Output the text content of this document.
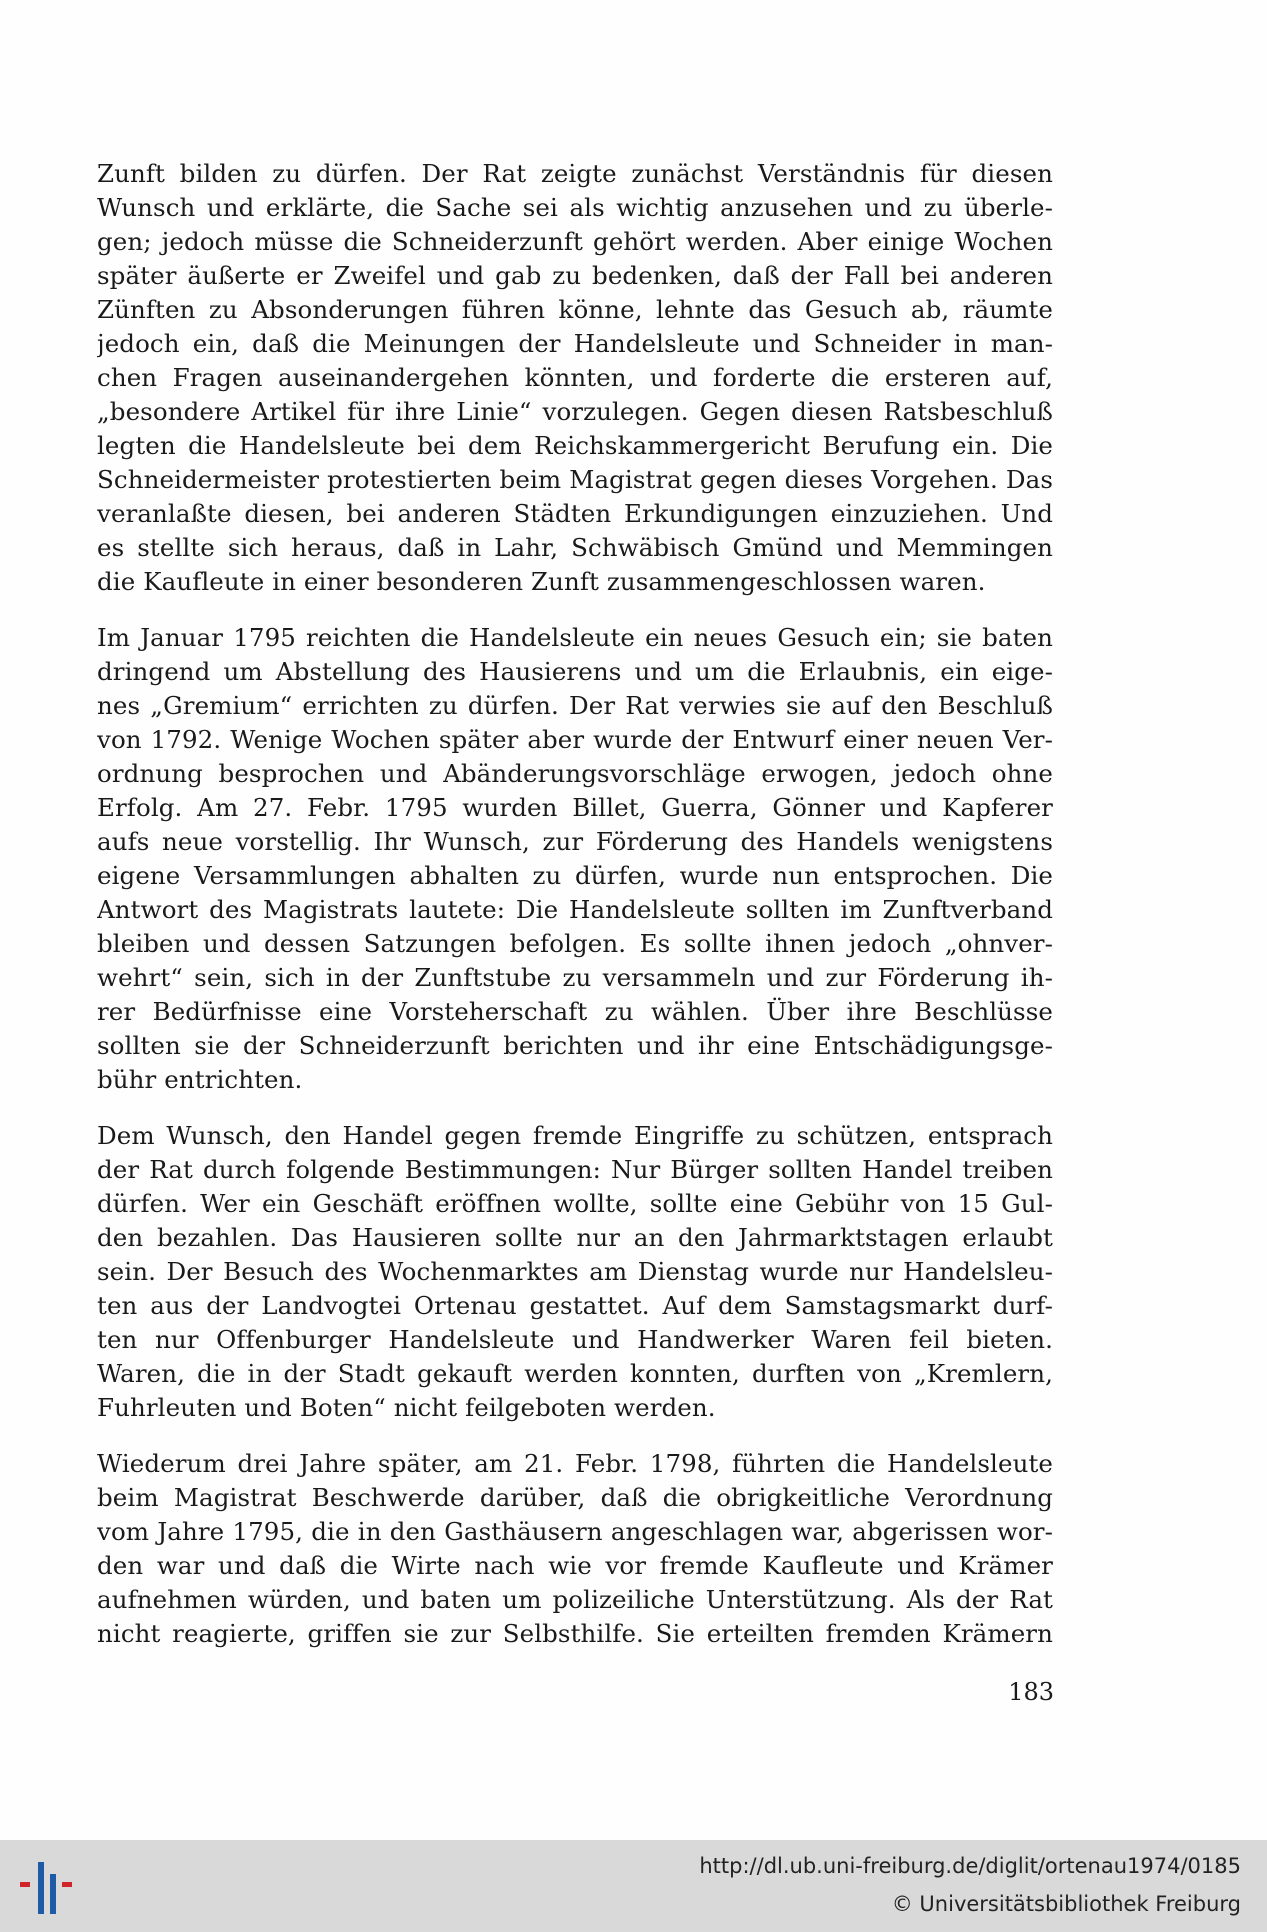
Zunft bilden zu dürfen. Der Rat zeigte zunächst Verständnis für diesen
Wunsch und erklärte, die Sache sei als wichtig anzusehen und zu überle-
gen; jedoch müsse die Schneiderzunft gehört werden. Aber einige Wochen
später äußerte er Zweifel und gab zu bedenken, daß der Fall bei anderen
Zünften zu Absonderungen führen könne, lehnte das Gesuch ab, räumte
jedoch ein, daß die Meinungen der Handelsleute und Schneider in man-
chen Fragen auseinandergehen könnten, und forderte die ersteren auf,
„besondere Artikel für ihre Linie“ vorzulegen. Gegen diesen Ratsbeschluß
legten die Handelsleute bei dem Reichskammergericht Berufung ein. Die
Schneidermeister protestierten beim Magistrat gegen dieses Vorgehen. Das
veranlaßte diesen, bei anderen Städten Erkundigungen einzuziehen. Und
es stellte sich heraus, daß in Lahr, Schwäbisch Gmünd und Memmingen
die Kaufleute in einer besonderen Zunft zusammengeschlossen waren.
Im Januar 1795 reichten die Handelsleute ein neues Gesuch ein; sie baten
dringend um Abstellung des Hausierens und um die Erlaubnis, ein eige-
nes „Gremium“ errichten zu dürfen. Der Rat verwies sie auf den Beschluß
von 1792. Wenige Wochen später aber wurde der Entwurf einer neuen Ver-
ordnung besprochen und Abänderungsvorschläge erwogen, jedoch ohne
Erfolg. Am 27. Febr. 1795 wurden Billet, Guerra, Gönner und Kapferer
aufs neue vorstellig. Ihr Wunsch, zur Förderung des Handels wenigstens
eigene Versammlungen abhalten zu dürfen, wurde nun entsprochen. Die
Antwort des Magistrats lautete: Die Handelsleute sollten im Zunftverband
bleiben und dessen Satzungen befolgen. Es sollte ihnen jedoch „ohnver-
wehrt“ sein, sich in der Zunftstube zu versammeln und zur Förderung ih-
rer Bedürfnisse eine Vorsteherschaft zu wählen. Über ihre Beschlüsse
sollten sie der Schneiderzunft berichten und ihr eine Entschädigungsge-
bühr entrichten.
Dem Wunsch, den Handel gegen fremde Eingriffe zu schützen, entsprach
der Rat durch folgende Bestimmungen: Nur Bürger sollten Handel treiben
dürfen. Wer ein Geschäft eröffnen wollte, sollte eine Gebühr von 15 Gul-
den bezahlen. Das Hausieren sollte nur an den Jahrmarktstagen erlaubt
sein. Der Besuch des Wochenmarktes am Dienstag wurde nur Handelsleu-
ten aus der Landvogtei Ortenau gestattet. Auf dem Samstagsmarkt durf-
ten nur Offenburger Handelsleute und Handwerker Waren feil bieten.
Waren, die in der Stadt gekauft werden konnten, durften von „Kremlern,
Fuhrleuten und Boten“ nicht feilgeboten werden.
Wiederum drei Jahre später, am 21. Febr. 1798, führten die Handelsleute
beim Magistrat Beschwerde darüber, daß die obrigkeitliche Verordnung
vom Jahre 1795, die in den Gasthäusern angeschlagen war, abgerissen wor-
den war und daß die Wirte nach wie vor fremde Kaufleute und Krämer
aufnehmen würden, und baten um polizeiliche Unterstützung. Als der Rat
nicht reagierte, griffen sie zur Selbsthilfe. Sie erteilten fremden Krämern
183
http://dl.ub.uni-freiburg.de/diglit/ortenau1974/0185
© Universitätsbibliothek Freiburg
